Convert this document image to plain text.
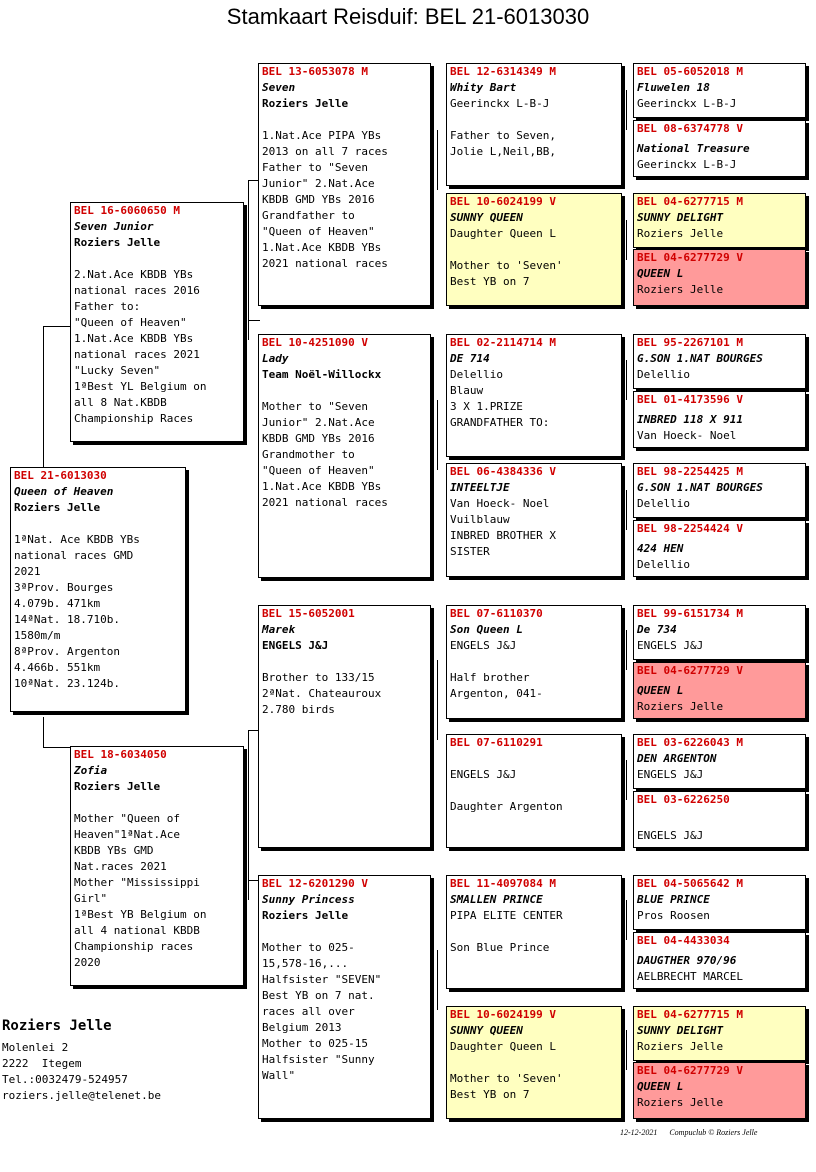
Stamkaart Reisduif: BEL 21-6013030
BEL 21-6013030
Queen of Heaven
Roziers Jelle
1ªNat. Ace KBDB YBs
national races GMD
2021
3ªProv. Bourges
4.079b. 471km
14ªNat. 18.710b.
1580m/m
8ªProv. Argenton
4.466b. 551km
10ªNat. 23.124b.
BEL 16-6060650 M
Seven Junior
Roziers Jelle
2.Nat.Ace KBDB YBs
national races 2016
Father to:
"Queen of Heaven"
1.Nat.Ace KBDB YBs
national races 2021
"Lucky Seven"
1ªBest YL Belgium on
all 8 Nat.KBDB
Championship Races
BEL 18-6034050
Zofia
Roziers Jelle
Mother "Queen of
Heaven"1ªNat.Ace
KBDB YBs GMD
Nat.races 2021
Mother "Mississippi
Girl"
1ªBest YB Belgium on
all 4 national KBDB
Championship races
2020
BEL 13-6053078 M
Seven
Roziers Jelle
1.Nat.Ace PIPA YBs
2013 on all 7 races
Father to "Seven
Junior" 2.Nat.Ace
KBDB GMD YBs 2016
Grandfather to
"Queen of Heaven"
1.Nat.Ace KBDB YBs
2021 national races
BEL 10-4251090 V
Lady
Team Noël-Willockx
Mother to "Seven
Junior" 2.Nat.Ace
KBDB GMD YBs 2016
Grandmother to
"Queen of Heaven"
1.Nat.Ace KBDB YBs
2021 national races
BEL 15-6052001
Marek
ENGELS J&J
Brother to 133/15
2ªNat. Chateauroux
2.780 birds
BEL 12-6201290 V
Sunny Princess
Roziers Jelle
Mother to 025-
15,578-16,...
Halfsister "SEVEN"
Best YB on 7 nat.
races all over
Belgium 2013
Mother to 025-15
Halfsister "Sunny
Wall"
BEL 12-6314349 M
Whity Bart
Geerinckx L-B-J
Father to Seven,
Jolie L,Neil,BB,
BEL 10-6024199 V
SUNNY QUEEN
Daughter Queen L
Mother to 'Seven'
Best YB on 7
BEL 02-2114714 M
DE 714
Delellio
Blauw
3 X 1.PRIZE
GRANDFATHER TO:
BEL 06-4384336 V
INTEELTJE
Van Hoeck- Noel
Vuilblauw
INBRED BROTHER X
SISTER
BEL 07-6110370
Son Queen L
ENGELS J&J
Half brother
Argenton, 041-
BEL 07-6110291
ENGELS J&J
Daughter Argenton
BEL 11-4097084 M
SMALLEN PRINCE
PIPA ELITE CENTER
Son Blue Prince
BEL 10-6024199 V
SUNNY QUEEN
Daughter Queen L
Mother to 'Seven'
Best YB on 7
BEL 05-6052018 M
Fluwelen 18
Geerinckx L-B-J
BEL 08-6374778 V
National Treasure
Geerinckx L-B-J
BEL 04-6277715 M
SUNNY DELIGHT
Roziers Jelle
BEL 04-6277729 V
QUEEN L
Roziers Jelle
BEL 95-2267101 M
G.SON 1.NAT BOURGES
Delellio
BEL 01-4173596 V
INBRED 118 X 911
Van Hoeck- Noel
BEL 98-2254425 M
G.SON 1.NAT BOURGES
Delellio
BEL 98-2254424 V
424 HEN
Delellio
BEL 99-6151734 M
De 734
ENGELS J&J
BEL 04-6277729 V
QUEEN L
Roziers Jelle
BEL 03-6226043 M
DEN ARGENTON
ENGELS J&J
BEL 03-6226250
ENGELS J&J
BEL 04-5065642 M
BLUE PRINCE
Pros Roosen
BEL 04-4433034
DAUGTHER 970/96
AELBRECHT MARCEL
BEL 04-6277715 M
SUNNY DELIGHT
Roziers Jelle
BEL 04-6277729 V
QUEEN L
Roziers Jelle
Roziers Jelle
Molenlei 2
2222  Itegem
Tel.:0032479-524957
roziers.jelle@telenet.be
12-12-2021 Compuclub © Roziers Jelle
